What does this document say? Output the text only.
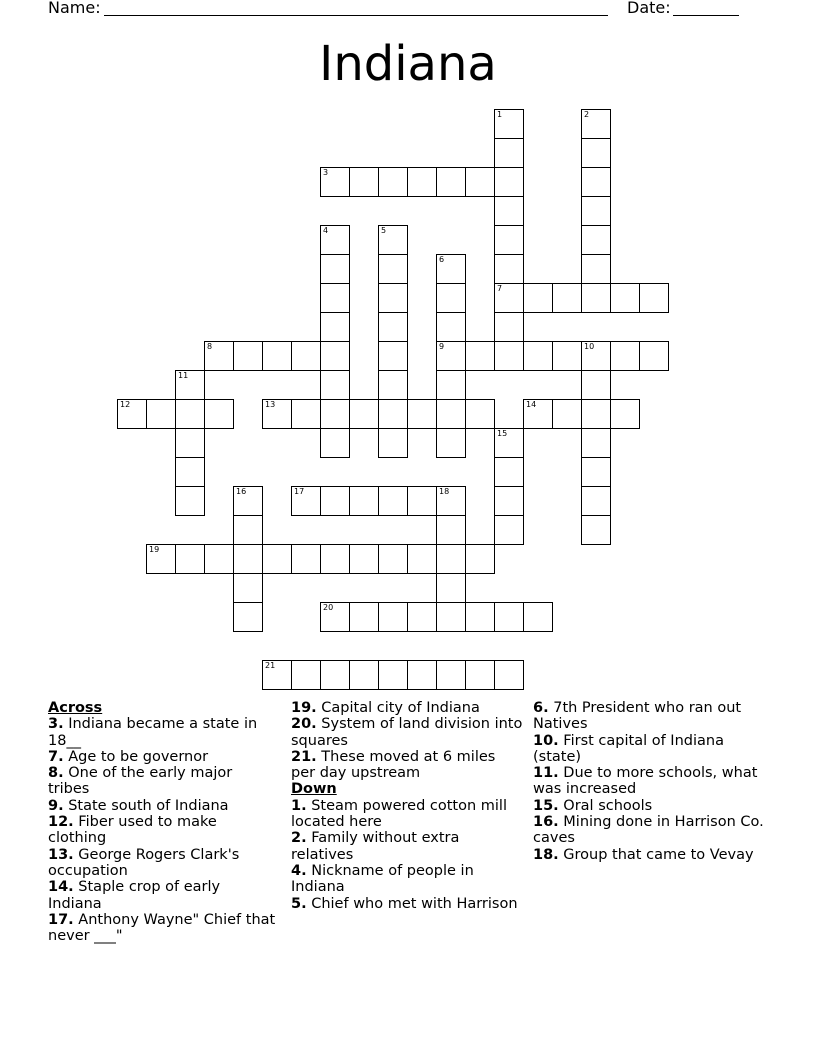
Name:	Date:
Indiana
1
7
2
3
4	5
6
9
8	10
11
12	13	14
15
16	17	18
19
20
21

Across

3. Indiana became a state in 18__

7. Age to be governor

8. One of the early major tribes

9. State south of Indiana

12. Fiber used to make clothing

13. George Rogers Clark's occupation

14. Staple crop of early Indiana

17. Anthony Wayne" Chief that never ___"

19. Capital city of Indiana

20. System of land division into squares

21. These moved at 6 miles per day upstream

Down

1. Steam powered cotton mill located here

2. Family without extra relatives

4. Nickname of people in Indiana

5. Chief who met with Harrison

6. 7th President who ran out Natives

10. First capital of Indiana (state)

11. Due to more schools, what was increased

15. Oral schools

16. Mining done in Harrison Co. caves

18. Group that came to Vevay
